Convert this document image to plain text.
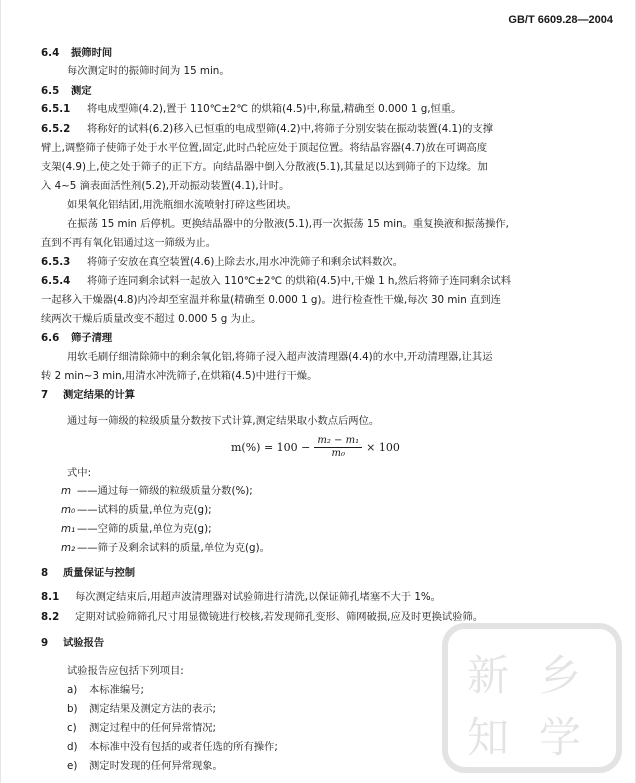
GB/T 6609.28—2004
6.4 振筛时间
每次测定时的振筛时间为 15 min。
6.5 测定
6.5.1 将电成型筛(4.2),置于 110℃±2℃ 的烘箱(4.5)中,称量,精确至 0.000 1 g,恒重。
6.5.2 将称好的试料(6.2)移入已恒重的电成型筛(4.2)中,将筛子分别安装在振动装置(4.1)的支撑
臂上,调整筛子使筛子处于水平位置,固定,此时凸轮应处于顶起位置。将结晶容器(4.7)放在可调高度
支架(4.9)上,使之处于筛子的正下方。向结晶器中倒入分散液(5.1),其量足以达到筛子的下边缘。加
入 4~5 滴表面活性剂(5.2),开动振动装置(4.1),计时。
如果氧化铝结团,用洗瓶细水流喷射打碎这些团块。
在振荡 15 min 后停机。更换结晶器中的分散液(5.1),再一次振荡 15 min。重复换液和振荡操作,
直到不再有氧化铝通过这一筛级为止。
6.5.3 将筛子安放在真空装置(4.6)上除去水,用水冲洗筛子和剩余试料数次。
6.5.4 将筛子连同剩余试料一起放入 110℃±2℃ 的烘箱(4.5)中,干燥 1 h,然后将筛子连同剩余试料
一起移入干燥器(4.8)内冷却至室温并称量(精确至 0.000 1 g)。进行检查性干燥,每次 30 min 直到连
续两次干燥后质量改变不超过 0.000 5 g 为止。
6.6 筛子清理
用软毛刷仔细清除筛中的剩余氧化铝,将筛子浸入超声波清理器(4.4)的水中,开动清理器,让其运
转 2 min~3 min,用清水冲洗筛子,在烘箱(4.5)中进行干燥。
7 测定结果的计算
通过每一筛级的粒级质量分数按下式计算,测定结果取小数点后两位。
$m(\%) = 100 - \frac{\text{m₂ − m₁}}{\text{m₀}} \times 100$
式中:
m ——通过每一筛级的粒级质量分数(%);
m₀ ——试料的质量,单位为克(g);
m₁ ——空筛的质量,单位为克(g);
m₂ ——筛子及剩余试料的质量,单位为克(g)。
8 质量保证与控制
8.1 每次测定结束后,用超声波清理器对试验筛进行清洗,以保证筛孔堵塞不大于 1%。
8.2 定期对试验筛筛孔尺寸用显微镜进行校核,若发现筛孔变形、筛网破损,应及时更换试验筛。
9 试验报告
试验报告应包括下列项目:
a) 本标准编号;
b) 测定结果及测定方法的表示;
c) 测定过程中的任何异常情况;
d) 本标准中没有包括的或者任选的所有操作;
e) 测定时发现的任何异常现象。
新 乡
知 学
